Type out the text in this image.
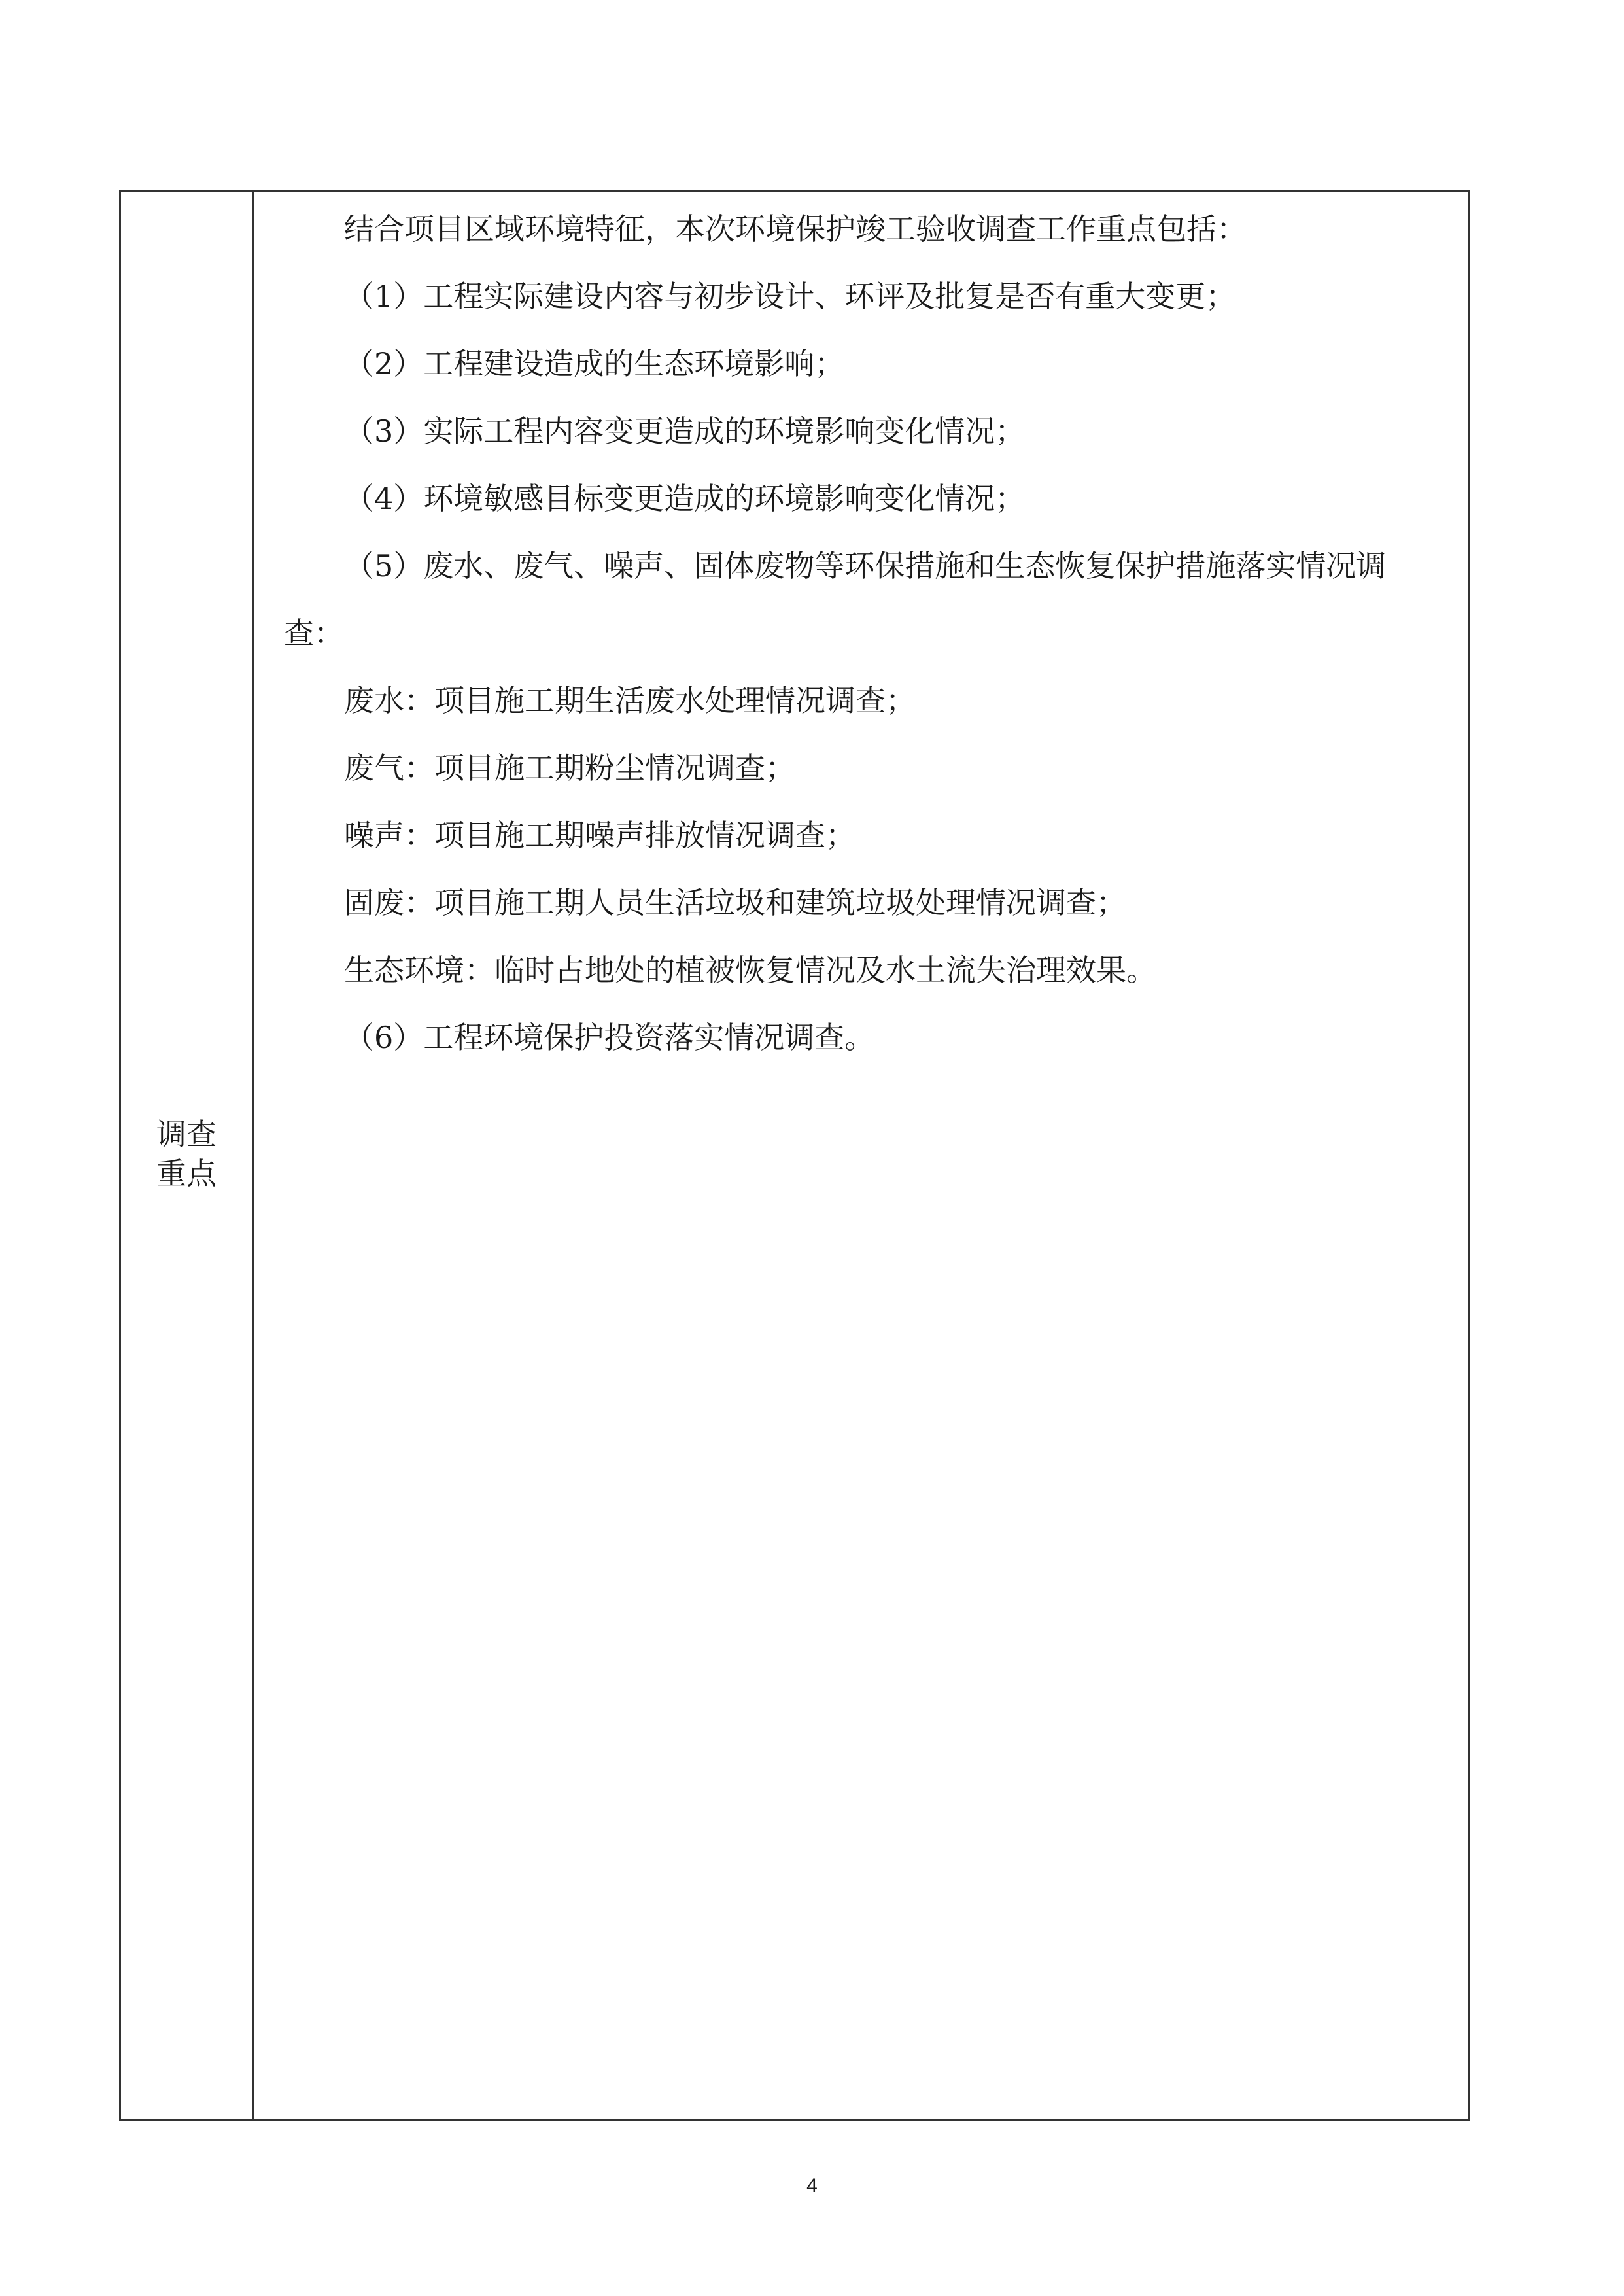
调查
重点

结合项目区域环境特征，本次环境保护竣工验收调查工作重点包括：

（1）工程实际建设内容与初步设计、环评及批复是否有重大变更；

（2）工程建设造成的生态环境影响；

（3）实际工程内容变更造成的环境影响变化情况；

（4）环境敏感目标变更造成的环境影响变化情况；

（5）废水、废气、噪声、固体废物等环保措施和生态恢复保护措施落实情况调查：

废水：项目施工期生活废水处理情况调查；

废气：项目施工期粉尘情况调查；

噪声：项目施工期噪声排放情况调查；

固废：项目施工期人员生活垃圾和建筑垃圾处理情况调查；

生态环境：临时占地处的植被恢复情况及水土流失治理效果。

（6）工程环境保护投资落实情况调查。

4
